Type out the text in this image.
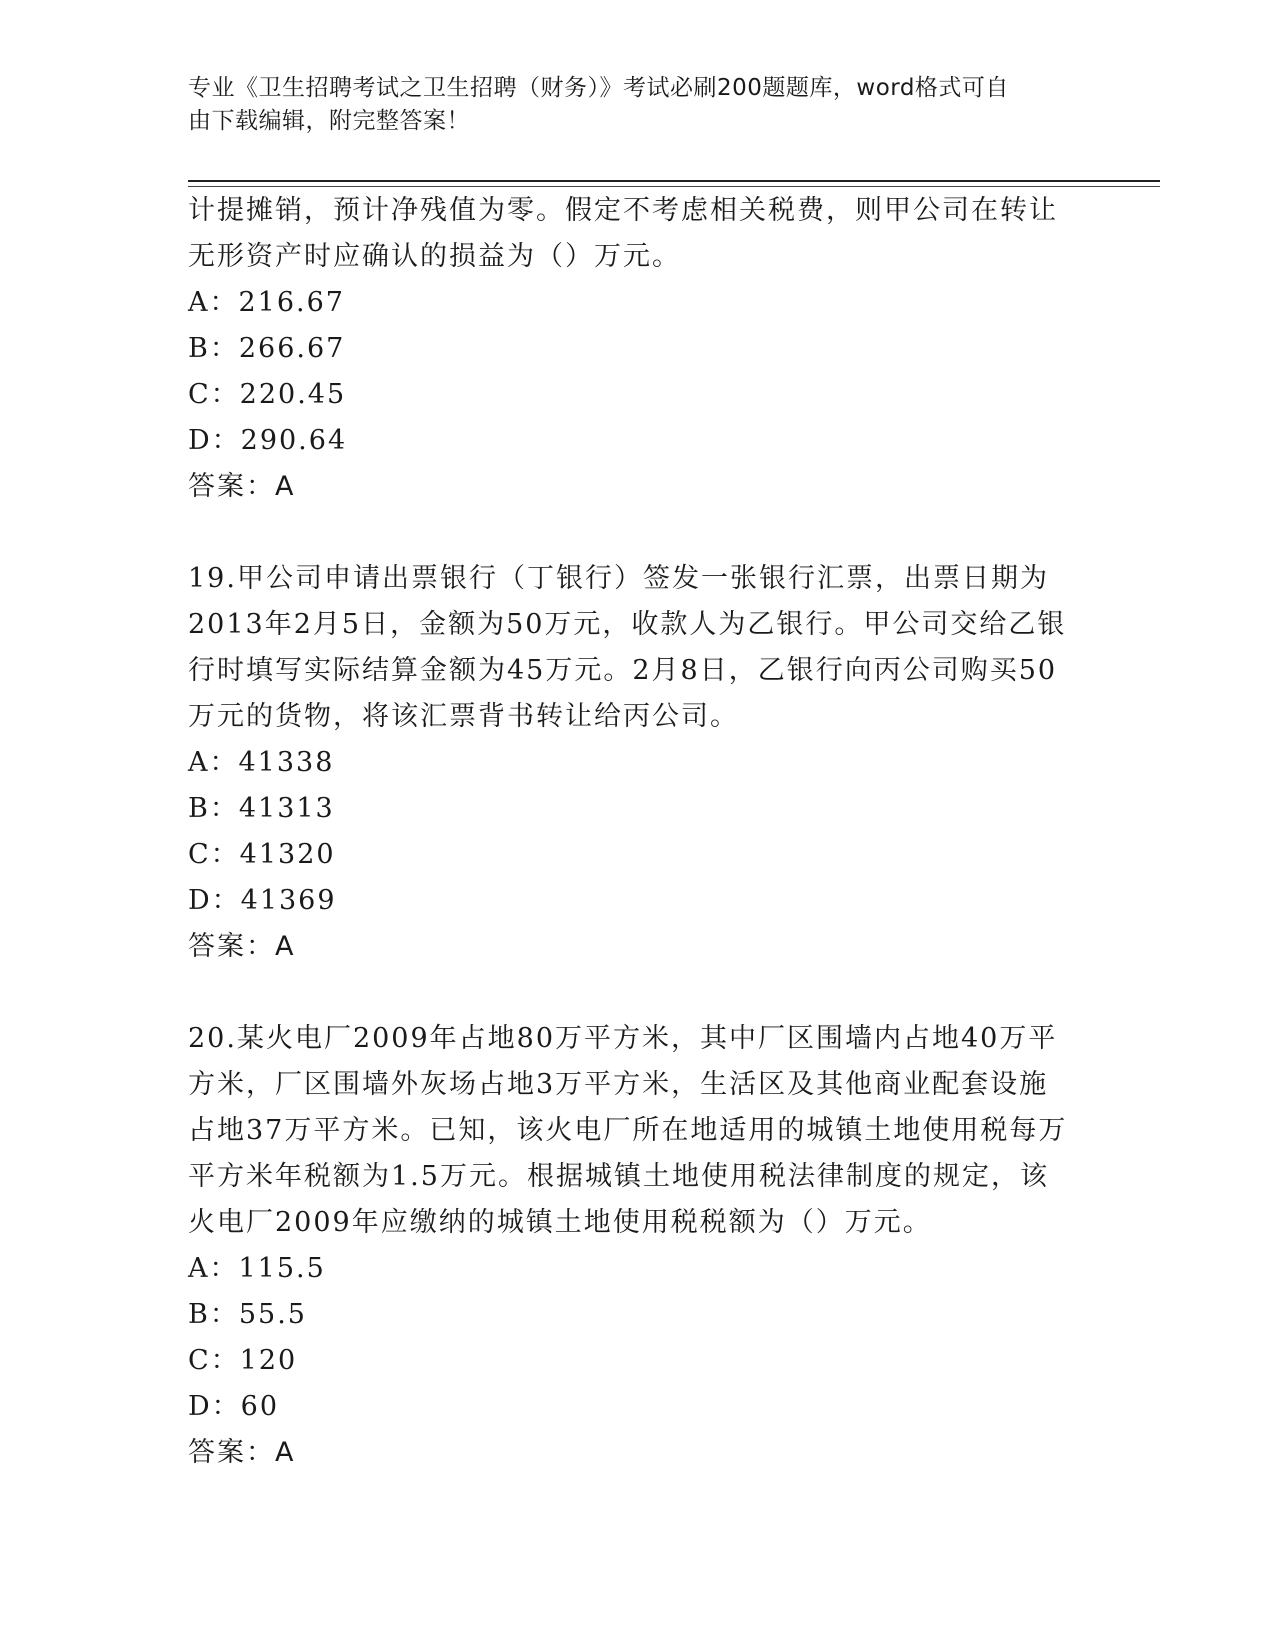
专业《卫生招聘考试之卫生招聘（财务）》考试必刷200题题库，word格式可自
由下载编辑，附完整答案！

计提摊销，预计净残值为零。假定不考虑相关税费，则甲公司在转让

无形资产时应确认的损益为（）万元。

A：216.67

B：266.67

C：220.45

D：290.64

答案：A

19.甲公司申请出票银行（丁银行）签发一张银行汇票，出票日期为

2013年2月5日，金额为50万元，收款人为乙银行。甲公司交给乙银

行时填写实际结算金额为45万元。2月8日，乙银行向丙公司购买50

万元的货物，将该汇票背书转让给丙公司。

A：41338

B：41313

C：41320

D：41369

答案：A

20.某火电厂2009年占地80万平方米，其中厂区围墙内占地40万平

方米，厂区围墙外灰场占地3万平方米，生活区及其他商业配套设施

占地37万平方米。已知，该火电厂所在地适用的城镇土地使用税每万

平方米年税额为1.5万元。根据城镇土地使用税法律制度的规定，该

火电厂2009年应缴纳的城镇土地使用税税额为（）万元。

A：115.5

B：55.5

C：120

D：60

答案：A
